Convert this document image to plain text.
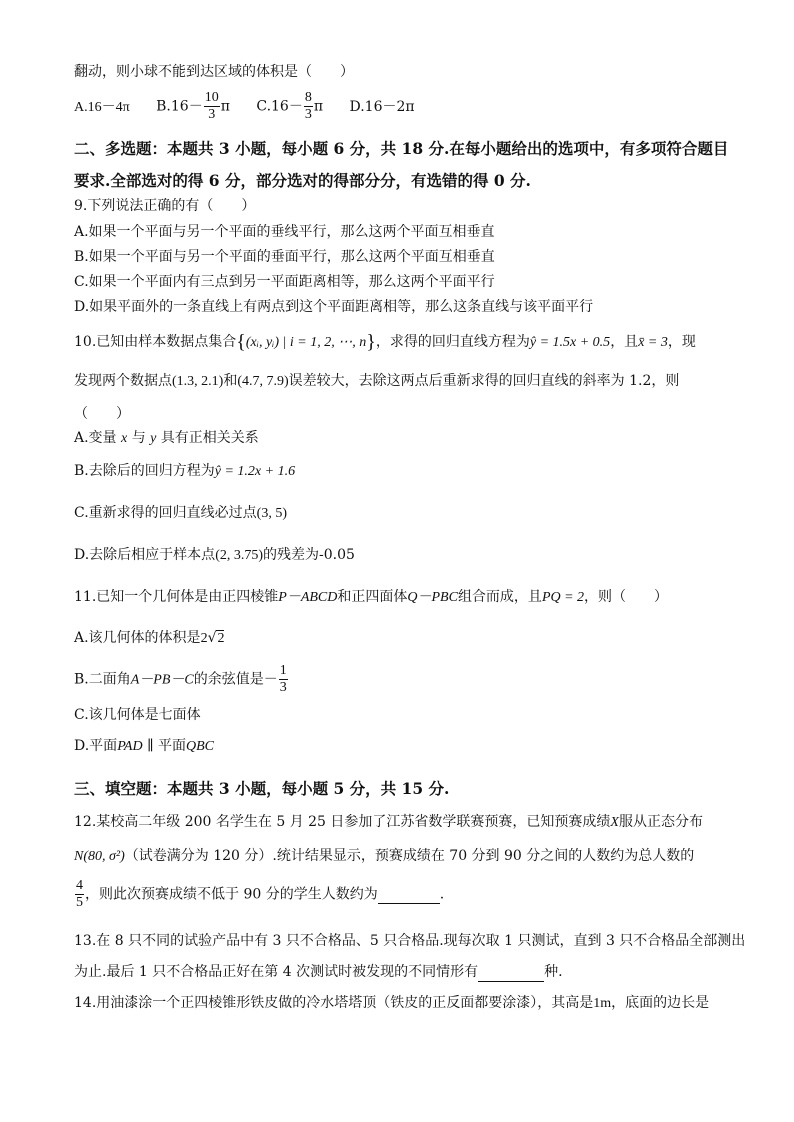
翻动，则小球不能到达区域的体积是（　　）
A.16－4π $B.16- \frac{10}{3}$ π $C.16- \frac{8}{3}$ π D.16－2π
二、多选题：本题共 3 小题，每小题 6 分，共 18 分.在每小题给出的选项中，有多项符合题目
要求.全部选对的得 6 分，部分选对的得部分分，有选错的得 0 分.
9.下列说法正确的有（　　）
A.如果一个平面与另一个平面的垂线平行，那么这两个平面互相垂直
B.如果一个平面与另一个平面的垂面平行，那么这两个平面互相垂直
C.如果一个平面内有三点到另一平面距离相等，那么这两个平面平行
D.如果平面外的一条直线上有两点到这个平面距离相等，那么这条直线与该平面平行
10.已知由样本数据点集合{(xᵢ, yᵢ) | i = 1, 2, ⋯, n}，求得的回归直线方程为ŷ = 1.5x + 0.5，且x̄ = 3，现
发现两个数据点(1.3, 2.1)和(4.7, 7.9)误差较大，去除这两点后重新求得的回归直线的斜率为 1.2，则
（　　）
A.变量 x 与 y 具有正相关关系
B.去除后的回归方程为ŷ = 1.2x + 1.6
C.重新求得的回归直线必过点(3, 5)
D.去除后相应于样本点(2, 3.75)的残差为-0.05
11.已知一个几何体是由正四棱锥P－ABCD和正四面体Q－PBC组合而成，且PQ = 2，则（　　）
A.该几何体的体积是2√2
B.二面角A－PB－C的余弦值是－ $\frac{1}{3}$
C.该几何体是七面体
D.平面PAD ∥ 平面QBC
三、填空题：本题共 3 小题，每小题 5 分，共 15 分.
12.某校高二年级 200 名学生在 5 月 25 日参加了江苏省数学联赛预赛，已知预赛成绩X服从正态分布
N(80, σ²)（试卷满分为 120 分）.统计结果显示，预赛成绩在 70 分到 90 分之间的人数约为总人数的
$\frac{4}{5}$ ，则此次预赛成绩不低于 90 分的学生人数约为	.
13.在 8 只不同的试验产品中有 3 只不合格品、5 只合格品.现每次取 1 只测试，直到 3 只不合格品全部测出
为止.最后 1 只不合格品正好在第 4 次测试时被发现的不同情形有	种.
14.用油漆涂一个正四棱锥形铁皮做的冷水塔塔顶（铁皮的正反面都要涂漆），其高是1m，底面的边长是
